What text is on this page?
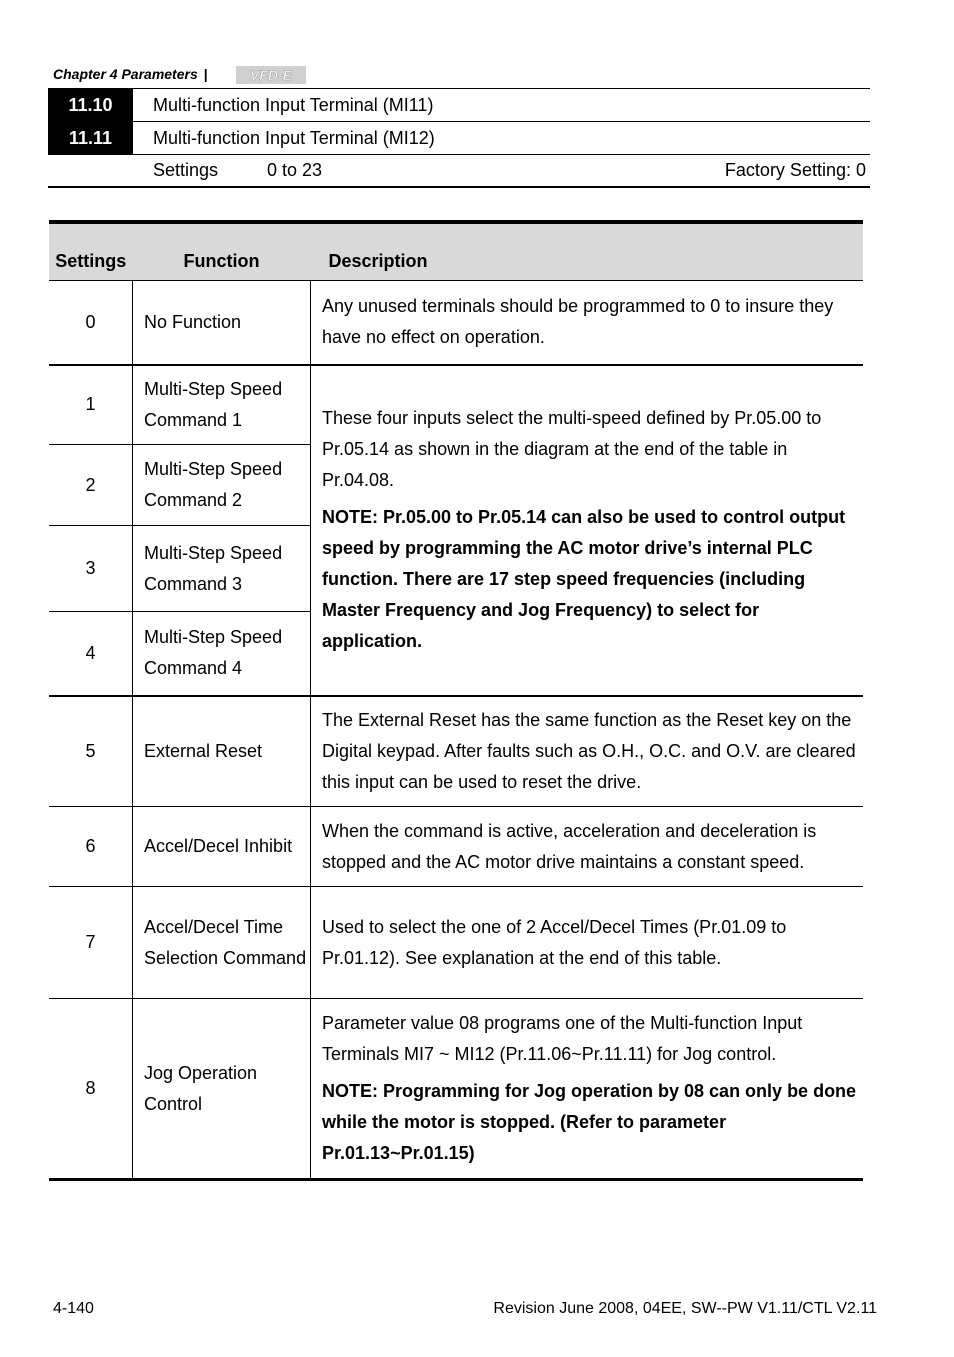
Chapter 4 Parameters |	VFD-E
11.10	Multi-function Input Terminal (MI11)
11.11	Multi-function Input Terminal (MI12)
Settings	0 to 23	Factory Setting: 0
Settings	Function	Description
0	No Function	Any unused terminals should be programmed to 0 to insure they have no effect on operation.
1	Multi-Step Speed Command 1	These four inputs select the multi-speed defined by Pr.05.00 to Pr.05.14 as shown in the diagram at the end of the table in Pr.04.08.
NOTE: Pr.05.00 to Pr.05.14 can also be used to control output speed by programming the AC motor drive’s internal PLC function. There are 17 step speed frequencies (including Master Frequency and Jog Frequency) to select for application.

2	Multi-Step Speed Command 2	
3	Multi-Step Speed Command 3	
4	Multi-Step Speed Command 4	
5	External Reset	The External Reset has the same function as the Reset key on the Digital keypad. After faults such as O.H., O.C. and O.V. are cleared this input can be used to reset the drive.
6	Accel/Decel Inhibit	When the command is active, acceleration and deceleration is stopped and the AC motor drive maintains a constant speed.
7	Accel/Decel Time Selection Command	Used to select the one of 2 Accel/Decel Times (Pr.01.09 to Pr.01.12). See explanation at the end of this table.
8	Jog Operation Control	Parameter value 08 programs one of the Multi-function Input Terminals MI7 ~ MI12 (Pr.11.06~Pr.11.11) for Jog control.
NOTE: Programming for Jog operation by 08 can only be done while the motor is stopped. (Refer to parameter Pr.01.13~Pr.01.15)
4-140	Revision June 2008, 04EE, SW--PW V1.11/CTL V2.11
